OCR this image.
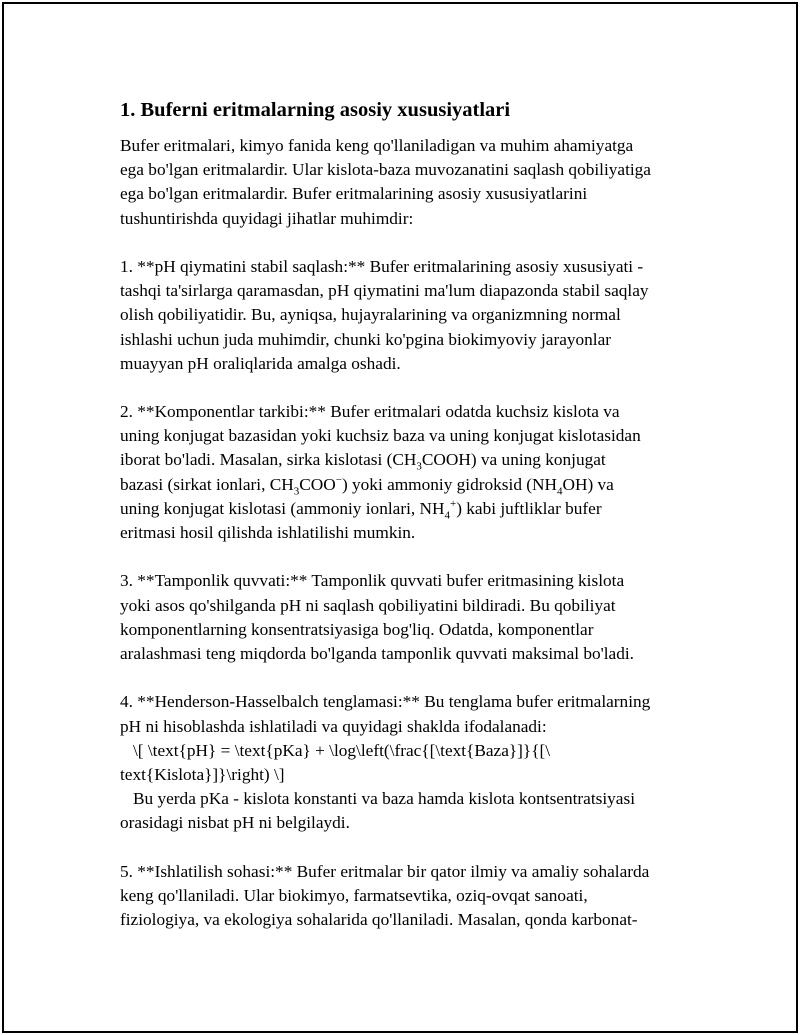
1. Buferni eritmalarning asosiy xususiyatlari
Bufer eritmalari, kimyo fanida keng qo'llaniladigan va muhim ahamiyatga
ega bo'lgan eritmalardir. Ular kislota-baza muvozanatini saqlash qobiliyatiga
ega bo'lgan eritmalardir. Bufer eritmalarining asosiy xususiyatlarini
tushuntirishda quyidagi jihatlar muhimdir:
1. **pH qiymatini stabil saqlash:** Bufer eritmalarining asosiy xususiyati -
tashqi ta'sirlarga qaramasdan, pH qiymatini ma'lum diapazonda stabil saqlay
olish qobiliyatidir. Bu, ayniqsa, hujayralarining va organizmning normal
ishlashi uchun juda muhimdir, chunki ko'pgina biokimyoviy jarayonlar
muayyan pH oraliqlarida amalga oshadi.
2. **Komponentlar tarkibi:** Bufer eritmalari odatda kuchsiz kislota va
uning konjugat bazasidan yoki kuchsiz baza va uning konjugat kislotasidan
iborat bo'ladi. Masalan, sirka kislotasi $(CH_3COOH)$ va uning konjugat
bazasi (sirkat ionlari, $CH_3COO^-$) yoki ammoniy gidroksid $(NH_4OH)$ va
uning konjugat kislotasi (ammoniy ionlari, $NH_4^+$) kabi juftliklar bufer
eritmasi hosil qilishda ishlatilishi mumkin.
3. **Tamponlik quvvati:** Tamponlik quvvati bufer eritmasining kislota
yoki asos qo'shilganda pH ni saqlash qobiliyatini bildiradi. Bu qobiliyat
komponentlarning konsentratsiyasiga bog'liq. Odatda, komponentlar
aralashmasi teng miqdorda bo'lganda tamponlik quvvati maksimal bo'ladi.
4. **Henderson-Hasselbalch tenglamasi:** Bu tenglama bufer eritmalarning
pH ni hisoblashda ishlatiladi va quyidagi shaklda ifodalanadi:
\[ \text{pH} = \text{pKa} + \log\left(\frac{[\text{Baza}]}{[\
text{Kislota}]}\right) \]
Bu yerda pKa - kislota konstanti va baza hamda kislota kontsentratsiyasi
orasidagi nisbat pH ni belgilaydi.
5. **Ishlatilish sohasi:** Bufer eritmalar bir qator ilmiy va amaliy sohalarda
keng qo'llaniladi. Ular biokimyo, farmatsevtika, oziq-ovqat sanoati,
fiziologiya, va ekologiya sohalarida qo'llaniladi. Masalan, qonda karbonat-
